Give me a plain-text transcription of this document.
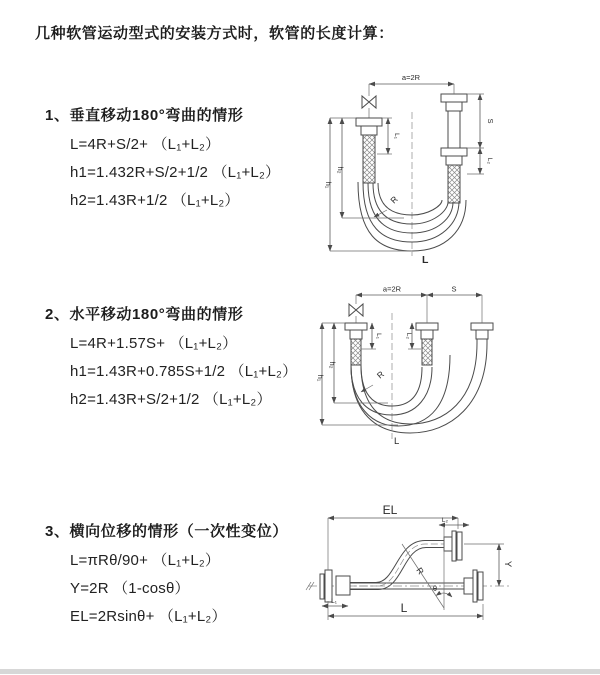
几种软管运动型式的安装方式时，软管的长度计算：
1、垂直移动180°弯曲的情形
L=4R+S/2+ （L₁+L₂）
h1=1.432R+S/2+1/2 （L₁+L₂）
h2=1.43R+1/2 （L₁+L₂）
a=2R
S
L₂
L₁
h₁
h₂
R
L
2、水平移动180°弯曲的情形
L=4R+1.57S+ （L₁+L₂）
h1=1.43R+0.785S+1/2 （L₁+L₂）
h2=1.43R+S/2+1/2 （L₁+L₂）
a=2R	S
L₁	L₂
h₁
h₂
R
L
3、横向位移的情形（一次性变位）
L=πRθ/90+ （L₁+L₂）
Y=2R （1-cosθ）
EL=2Rsinθ+ （L₁+L₂）
EL
L₂
Y
R
θ
L
L₁
